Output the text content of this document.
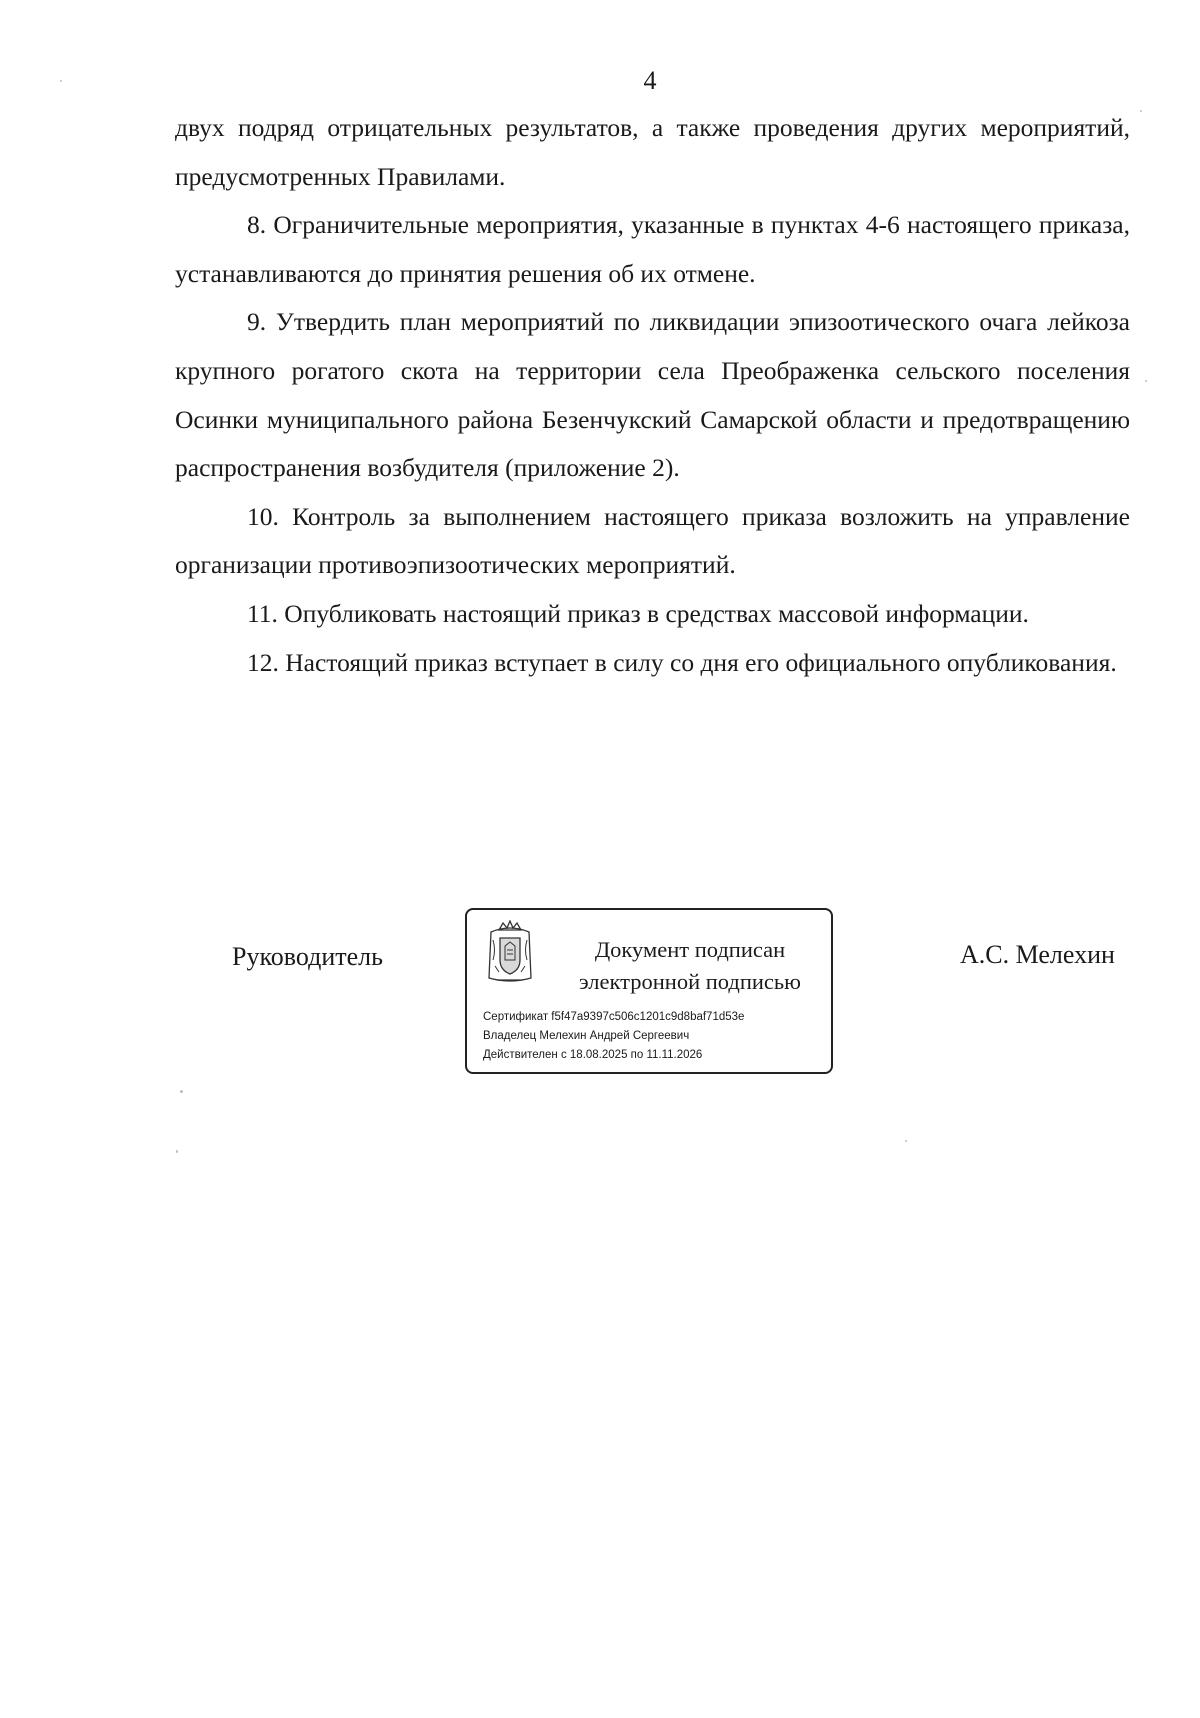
4

двух подряд отрицательных результатов, а также проведения других мероприятий, предусмотренных Правилами.

8. Ограничительные мероприятия, указанные в пунктах 4-6 настоящего приказа, устанавливаются до принятия решения об их отмене.

9. Утвердить план мероприятий по ликвидации эпизоотического очага лейкоза крупного рогатого скота на территории села Преображенка сельского поселения Осинки муниципального района Безенчукский Самарской области и предотвращению распространения возбудителя (приложение 2).

10. Контроль за выполнением настоящего приказа возложить на управление организации противоэпизоотических мероприятий.

11. Опубликовать настоящий приказ в средствах массовой информации.

12. Настоящий приказ вступает в силу со дня его официального опубликования.

Руководитель	Документ подписан
электронной подписью
Сертификат f5f47a9397c506c1201c9d8baf71d53e
Владелец Мелехин Андрей Сергеевич
Действителен с 18.08.2025 по 11.11.2026
А.С. Мелехин
